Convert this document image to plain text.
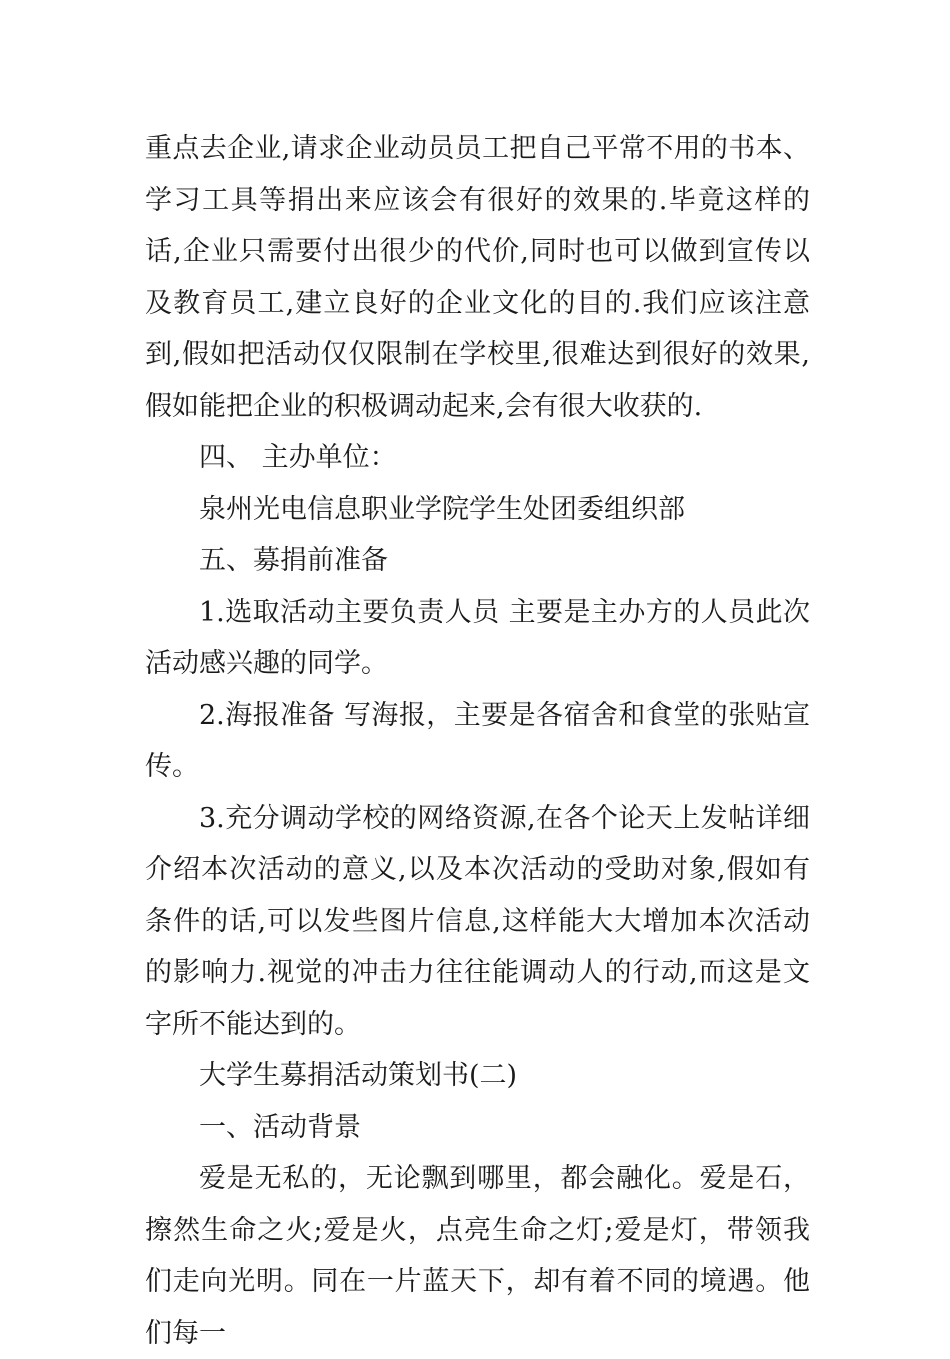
重点去企业,请求企业动员员工把自己平常不用的书本、学习工具等捐出来应该会有很好的效果的.毕竟这样的话,企业只需要付出很少的代价,同时也可以做到宣传以及教育员工,建立良好的企业文化的目的.我们应该注意到,假如把活动仅仅限制在学校里,很难达到很好的效果,假如能把企业的积极调动起来,会有很大收获的.

四、 主办单位：

泉州光电信息职业学院学生处团委组织部

五、募捐前准备

1.选取活动主要负责人员 主要是主办方的人员此次活动感兴趣的同学。

2.海报准备 写海报，主要是各宿舍和食堂的张贴宣传。

3.充分调动学校的网络资源,在各个论天上发帖详细介绍本次活动的意义,以及本次活动的受助对象,假如有条件的话,可以发些图片信息,这样能大大增加本次活动的影响力.视觉的冲击力往往能调动人的行动,而这是文字所不能达到的。

大学生募捐活动策划书(二)

一、活动背景

爱是无私的，无论飘到哪里，都会融化。爱是石，擦然生命之火;爱是火，点亮生命之灯;爱是灯，带领我们走向光明。同在一片蓝天下，却有着不同的境遇。他们每一
